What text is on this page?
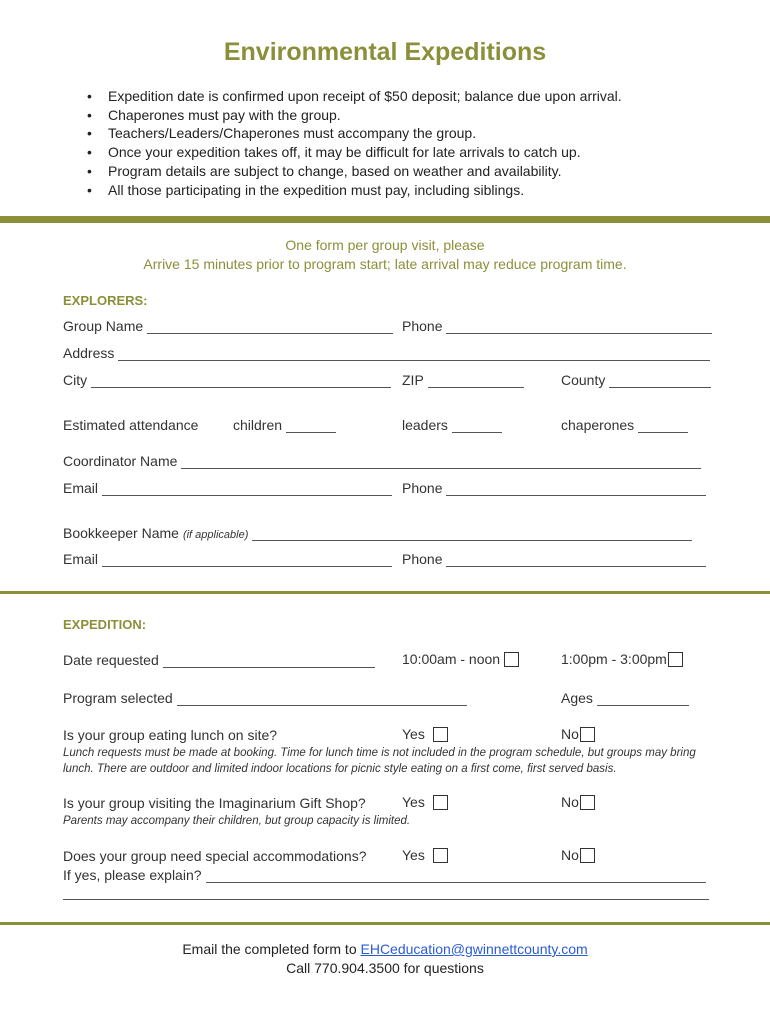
Environmental Expeditions
• Expedition date is confirmed upon receipt of $50 deposit; balance due upon arrival.
• Chaperones must pay with the group.
• Teachers/Leaders/Chaperones must accompany the group.
• Once your expedition takes off, it may be difficult for late arrivals to catch up.
• Program details are subject to change, based on weather and availability.
• All those participating in the expedition must pay, including siblings.
One form per group visit, please
Arrive 15 minutes prior to program start; late arrival may reduce program time.
EXPLORERS:
Group Name	Phone
Address
City	ZIP	County
Estimated attendance children	leaders	chaperones
Coordinator Name
Email	Phone
Bookkeeper Name (if applicable)
Email	Phone
EXPEDITION:
Date requested	10:00am - noon	1:00pm - 3:00pm
Program selected	Ages
Is your group eating lunch on site?	Yes	No
Lunch requests must be made at booking. Time for lunch time is not included in the program schedule, but groups may bring lunch. There are outdoor and limited indoor locations for picnic style eating on a first come, first served basis.
Is your group visiting the Imaginarium Gift Shop?	Yes	No
Parents may accompany their children, but group capacity is limited.
Does your group need special accommodations?	Yes	No
If yes, please explain?
Email the completed form to EHCeducation@gwinnettcounty.com
Call 770.904.3500 for questions
